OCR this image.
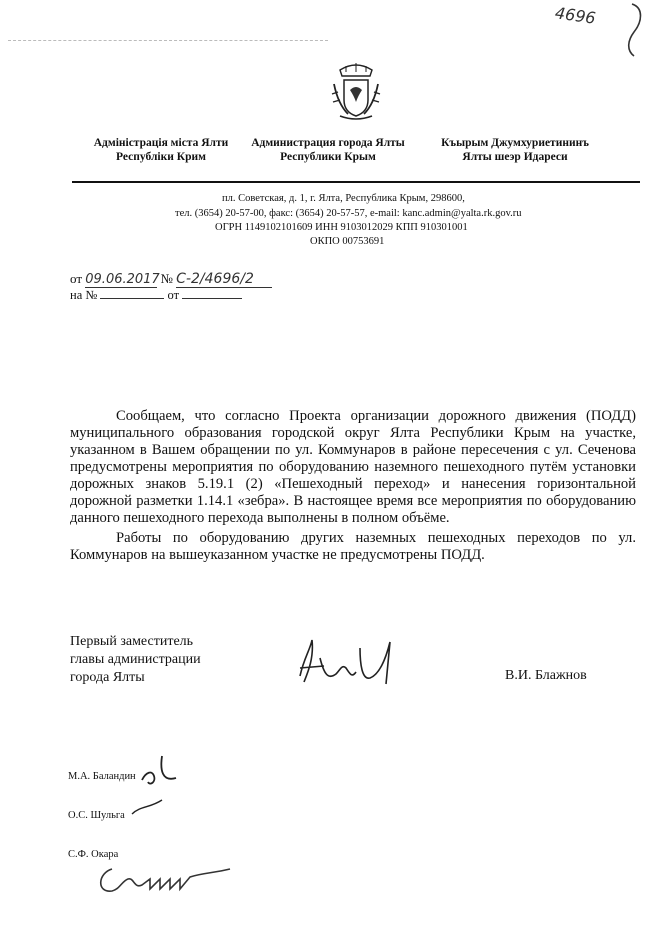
4696
Адміністрація міста Ялти
Республіки Крим
Администрация города Ялты
Республики Крым
Къырым Джумхуриетининъ
Ялты шеэр Идареси
пл. Советская, д. 1, г. Ялта, Республика Крым, 298600,
тел. (3654) 20-57-00, факс: (3654) 20-57-57, e-mail: kanc.admin@yalta.rk.gov.ru
ОГРН 1149102101609 ИНН 9103012029 КПП 910301001
ОКПО 00753691
от 09.06.2017 № С-2/4696/2
на №	от

Сообщаем, что согласно Проекта организации дорожного движения (ПОДД) муниципального образования городской округ Ялта Республики Крым на участке, указанном в Вашем обращении по ул. Коммунаров в районе пересечения с ул. Сеченова предусмотрены мероприятия по оборудованию наземного пешеходного путём установки дорожных знаков 5.19.1 (2) «Пешеходный переход» и нанесения горизонтальной дорожной разметки 1.14.1 «зебра». В настоящее время все мероприятия по оборудованию данного пешеходного перехода выполнены в полном объёме.

Работы по оборудованию других наземных пешеходных переходов по ул. Коммунаров на вышеуказанном участке не предусмотрены ПОДД.

Первый заместитель
главы администрации
города Ялты	В.И. Блажнов
М.А. Баландин
О.С. Шульга
С.Ф. Окара
